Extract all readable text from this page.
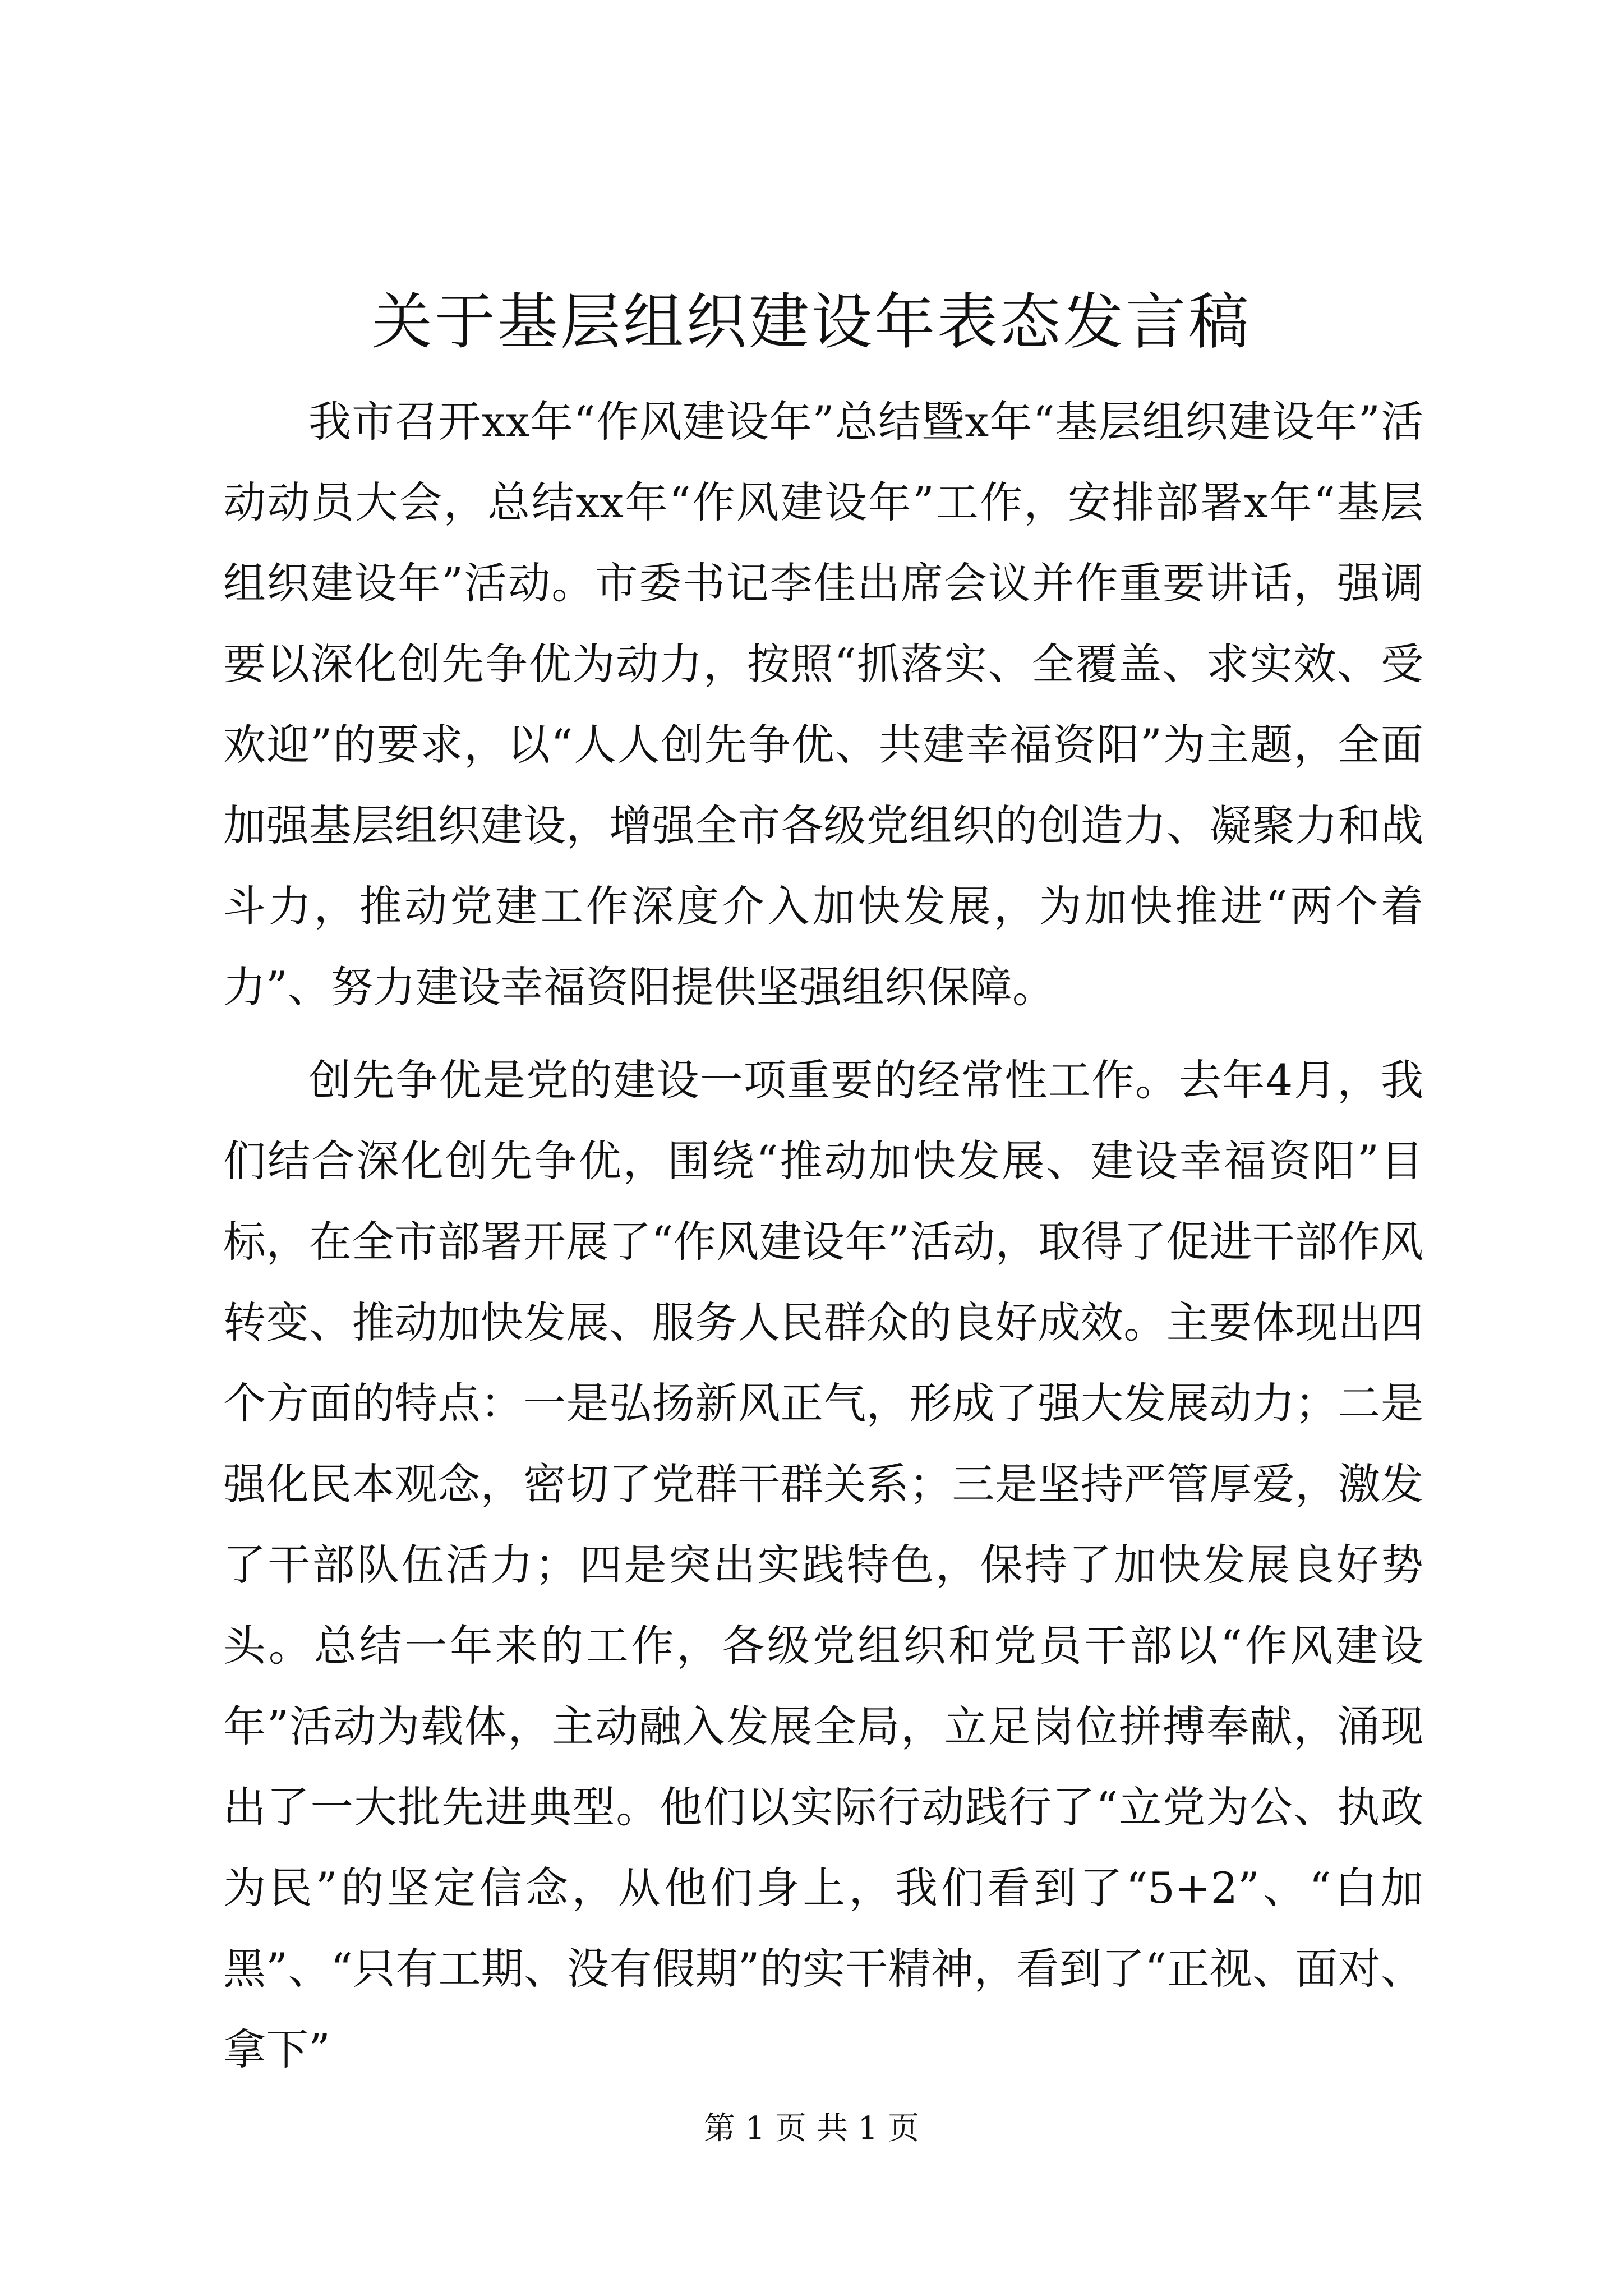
关于基层组织建设年表态发言稿

我市召开xx年“作风建设年”总结暨x年“基层组织建设年”活动动员大会，总结xx年“作风建设年”工作，安排部署x年“基层组织建设年”活动。市委书记李佳出席会议并作重要讲话，强调要以深化创先争优为动力，按照“抓落实、全覆盖、求实效、受欢迎”的要求，以“人人创先争优、共建幸福资阳”为主题，全面加强基层组织建设，增强全市各级党组织的创造力、凝聚力和战斗力，推动党建工作深度介入加快发展，为加快推进“两个着力”、努力建设幸福资阳提供坚强组织保障。

创先争优是党的建设一项重要的经常性工作。去年4月，我们结合深化创先争优，围绕“推动加快发展、建设幸福资阳”目标，在全市部署开展了“作风建设年”活动，取得了促进干部作风转变、推动加快发展、服务人民群众的良好成效。主要体现出四个方面的特点：一是弘扬新风正气，形成了强大发展动力；二是强化民本观念，密切了党群干群关系；三是坚持严管厚爱，激发了干部队伍活力；四是突出实践特色，保持了加快发展良好势头。总结一年来的工作，各级党组织和党员干部以“作风建设年”活动为载体，主动融入发展全局，立足岗位拼搏奉献，涌现出了一大批先进典型。他们以实际行动践行了“立党为公、执政为民”的坚定信念，从他们身上，我们看到了“5+2”、“白加黑”、“只有工期、没有假期”的实干精神，看到了“正视、面对、拿下”

第 1 页 共 1 页
